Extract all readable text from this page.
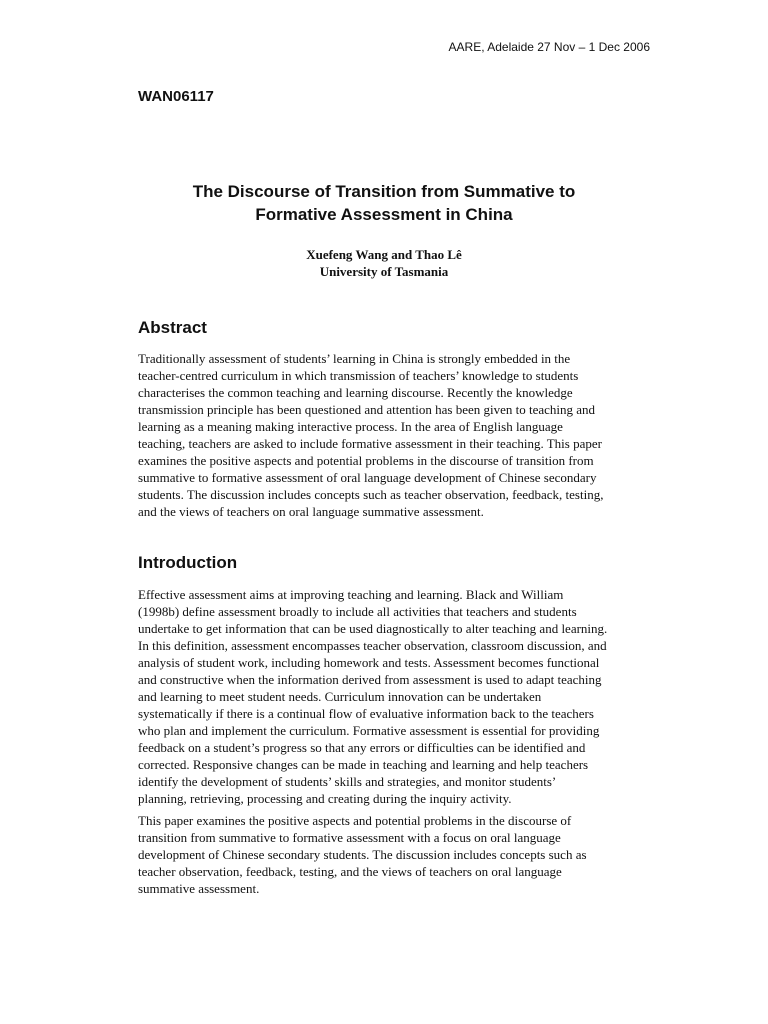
AARE, Adelaide 27 Nov – 1 Dec 2006
WAN06117
The Discourse of Transition from Summative to
Formative Assessment in China
Xuefeng Wang and Thao Lê
University of Tasmania
Abstract

Traditionally assessment of students’ learning in China is strongly embedded in the
teacher-centred curriculum in which transmission of teachers’ knowledge to students
characterises the common teaching and learning discourse. Recently the knowledge
transmission principle has been questioned and attention has been given to teaching and
learning as a meaning making interactive process. In the area of English language
teaching, teachers are asked to include formative assessment in their teaching. This paper
examines the positive aspects and potential problems in the discourse of transition from
summative to formative assessment of oral language development of Chinese secondary
students. The discussion includes concepts such as teacher observation, feedback, testing,
and the views of teachers on oral language summative assessment.

Introduction

Effective assessment aims at improving teaching and learning. Black and William
(1998b) define assessment broadly to include all activities that teachers and students
undertake to get information that can be used diagnostically to alter teaching and learning.
In this definition, assessment encompasses teacher observation, classroom discussion, and
analysis of student work, including homework and tests. Assessment becomes functional
and constructive when the information derived from assessment is used to adapt teaching
and learning to meet student needs. Curriculum innovation can be undertaken
systematically if there is a continual flow of evaluative information back to the teachers
who plan and implement the curriculum. Formative assessment is essential for providing
feedback on a student’s progress so that any errors or difficulties can be identified and
corrected. Responsive changes can be made in teaching and learning and help teachers
identify the development of students’ skills and strategies, and monitor students’
planning, retrieving, processing and creating during the inquiry activity.

This paper examines the positive aspects and potential problems in the discourse of
transition from summative to formative assessment with a focus on oral language
development of Chinese secondary students. The discussion includes concepts such as
teacher observation, feedback, testing, and the views of teachers on oral language
summative assessment.
